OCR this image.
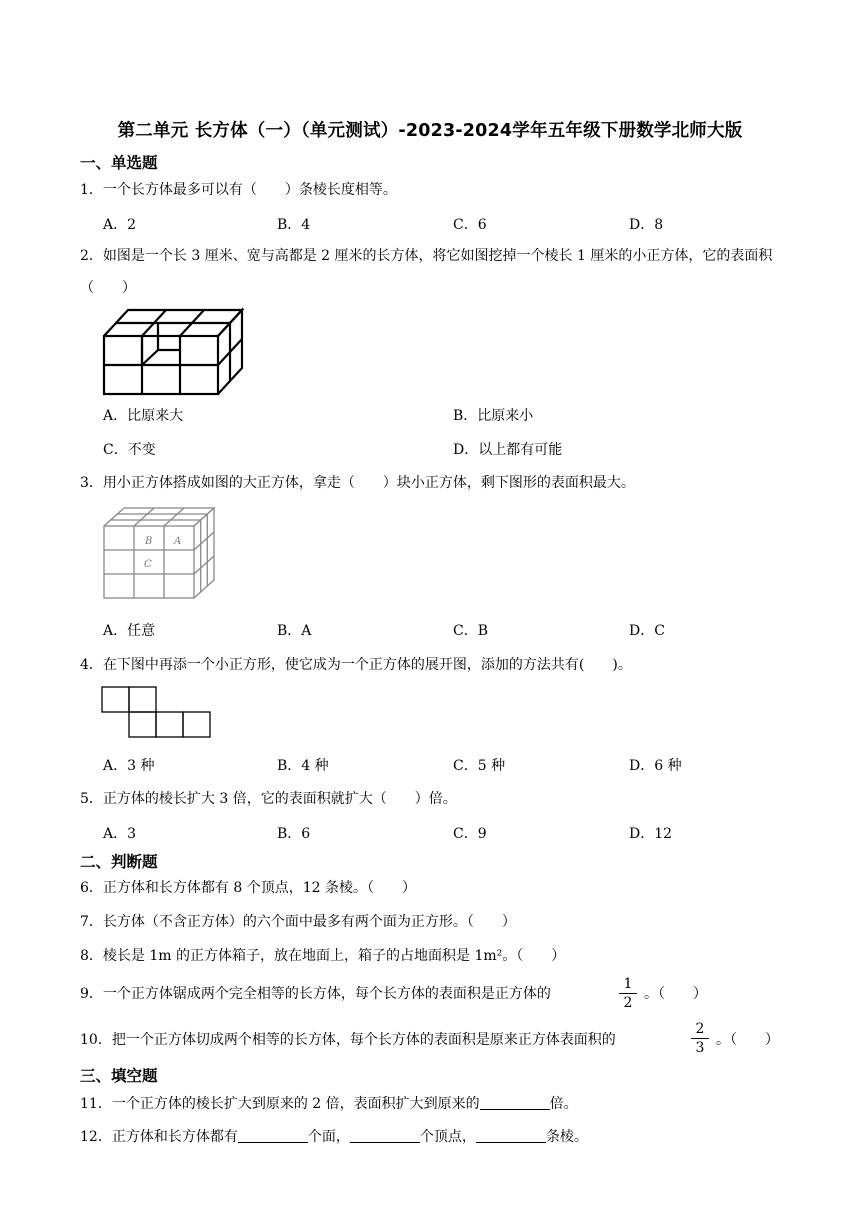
第二单元 长方体（一）（单元测试）-2023-2024学年五年级下册数学北师大版
一、单选题
1．一个长方体最多可以有（　　）条棱长度相等。
A．2	B．4	C．6	D．8
2．如图是一个长 3 厘米、宽与高都是 2 厘米的长方体，将它如图挖掉一个棱长 1 厘米的小正方体，它的表面积（　　）
A．比原来大	B．比原来小
C．不变	D．以上都有可能
3．用小正方体搭成如图的大正方体，拿走（　　）块小正方体，剩下图形的表面积最大。
B A
C
A．任意	B．A	C．B	D．C
4．在下图中再添一个小正方形，使它成为一个正方体的展开图，添加的方法共有(　　)。
A．3 种	B．4 种	C．5 种	D．6 种
5．正方体的棱长扩大 3 倍，它的表面积就扩大（　　）倍。
A．3	B．6	C．9	D．12
二、判断题
6．正方体和长方体都有 8 个顶点，12 条棱。（　　）
7．长方体（不含正方体）的六个面中最多有两个面为正方形。（　　）
8．棱长是 1m 的正方体箱子，放在地面上，箱子的占地面积是 1m²。（　　）
9．一个正方体锯成两个完全相等的长方体，每个长方体的表面积是正方体的	$\frac{1}{2}$ 。（　　）
10．把一个正方体切成两个相等的长方体，每个长方体的表面积是原来正方体表面积的	$\frac{2}{3}$ 。（　　）
三、填空题
11．一个正方体的棱长扩大到原来的 2 倍，表面积扩大到原来的	倍。
12．正方体和长方体都有	个面，	个顶点，	条棱。
